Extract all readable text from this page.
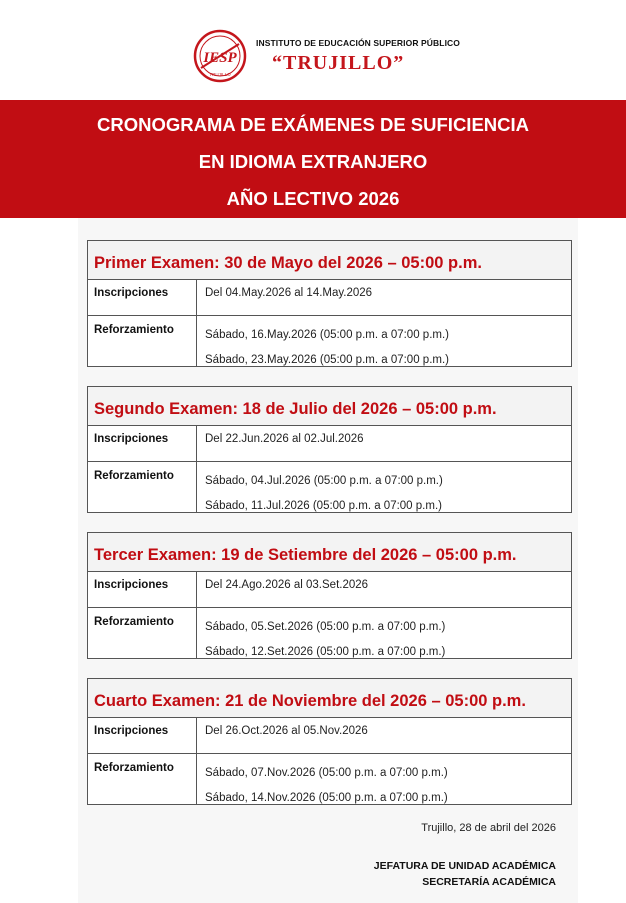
IESP
TRUJILLO
INSTITUTO DE EDUCACIÓN SUPERIOR PÚBLICO
“TRUJILLO”
CRONOGRAMA DE EXÁMENES DE SUFICIENCIA
EN IDIOMA EXTRANJERO
AÑO LECTIVO 2026
Primer Examen: 30 de Mayo del 2026 – 05:00 p.m.
Inscripciones	Del 04.May.2026 al 14.May.2026
Reforzamiento	Sábado, 16.May.2026 (05:00 p.m. a 07:00 p.m.)
Sábado, 23.May.2026 (05:00 p.m. a 07:00 p.m.)
Segundo Examen: 18 de Julio del 2026 – 05:00 p.m.
Inscripciones	Del 22.Jun.2026 al 02.Jul.2026
Reforzamiento	Sábado, 04.Jul.2026 (05:00 p.m. a 07:00 p.m.)
Sábado, 11.Jul.2026 (05:00 p.m. a 07:00 p.m.)
Tercer Examen: 19 de Setiembre del 2026 – 05:00 p.m.
Inscripciones	Del 24.Ago.2026 al 03.Set.2026
Reforzamiento	Sábado, 05.Set.2026 (05:00 p.m. a 07:00 p.m.)
Sábado, 12.Set.2026 (05:00 p.m. a 07:00 p.m.)
Cuarto Examen: 21 de Noviembre del 2026 – 05:00 p.m.
Inscripciones	Del 26.Oct.2026 al 05.Nov.2026
Reforzamiento	Sábado, 07.Nov.2026 (05:00 p.m. a 07:00 p.m.)
Sábado, 14.Nov.2026 (05:00 p.m. a 07:00 p.m.)
Trujillo, 28 de abril del 2026
JEFATURA DE UNIDAD ACADÉMICA
SECRETARÍA ACADÉMICA
